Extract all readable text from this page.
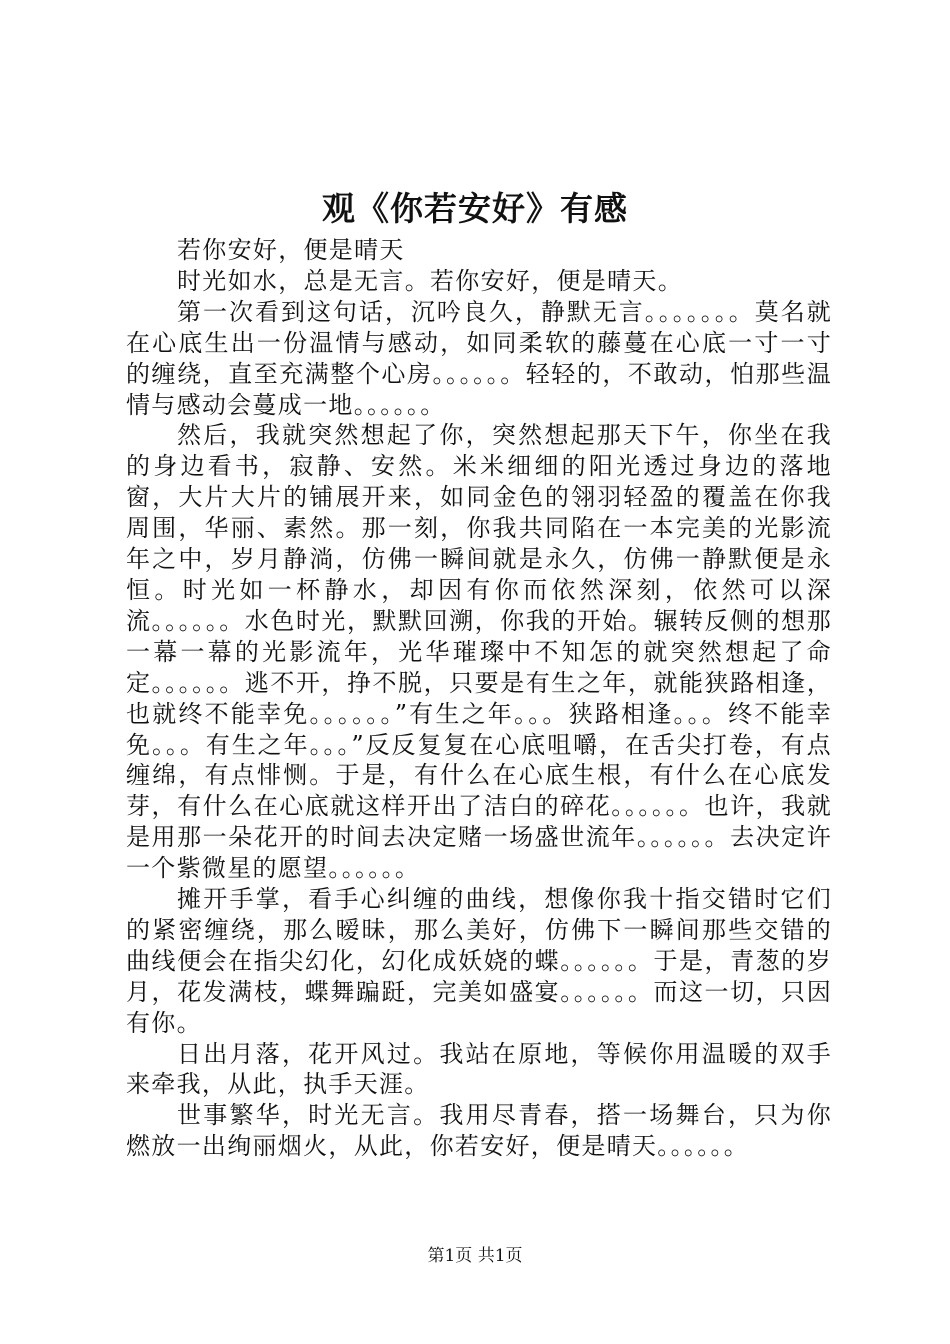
观《你若安好》有感

若你安好，便是晴天

时光如水，总是无言。若你安好，便是晴天。

第一次看到这句话，沉吟良久，静默无言。。。。。。。莫名就在心底生出一份温情与感动，如同柔软的藤蔓在心底一寸一寸的缠绕，直至充满整个心房。。。。。。轻轻的，不敢动，怕那些温情与感动会蔓成一地。。。。。。

然后，我就突然想起了你，突然想起那天下午，你坐在我的身边看书，寂静、安然。米米细细的阳光透过身边的落地窗，大片大片的铺展开来，如同金色的翎羽轻盈的覆盖在你我周围，华丽、素然。那一刻，你我共同陷在一本完美的光影流年之中，岁月静淌，仿佛一瞬间就是永久，仿佛一静默便是永恒。时光如一杯静水，却因有你而依然深刻，依然可以深流。。。。。。水色时光，默默回溯，你我的开始。辗转反侧的想那一幕一幕的光影流年，光华璀璨中不知怎的就突然想起了命定。。。。。。逃不开，挣不脱，只要是有生之年，就能狭路相逢，也就终不能幸免。。。。。。”有生之年。。。狭路相逢。。。终不能幸免。。。有生之年。。。”反反复复在心底咀嚼，在舌尖打卷，有点缠绵，有点悱恻。于是，有什么在心底生根，有什么在心底发芽，有什么在心底就这样开出了洁白的碎花。。。。。。也许，我就是用那一朵花开的时间去决定赌一场盛世流年。。。。。。去决定许一个紫微星的愿望。。。。。。

摊开手掌，看手心纠缠的曲线，想像你我十指交错时它们的紧密缠绕，那么暧昧，那么美好，仿佛下一瞬间那些交错的曲线便会在指尖幻化，幻化成妖娆的蝶。。。。。。于是，青葱的岁月，花发满枝，蝶舞蹁跹，完美如盛宴。。。。。。而这一切，只因有你。

日出月落，花开风过。我站在原地，等候你用温暖的双手来牵我，从此，执手天涯。

世事繁华，时光无言。我用尽青春，搭一场舞台，只为你燃放一出绚丽烟火，从此，你若安好，便是晴天。。。。。。

第1页 共1页
